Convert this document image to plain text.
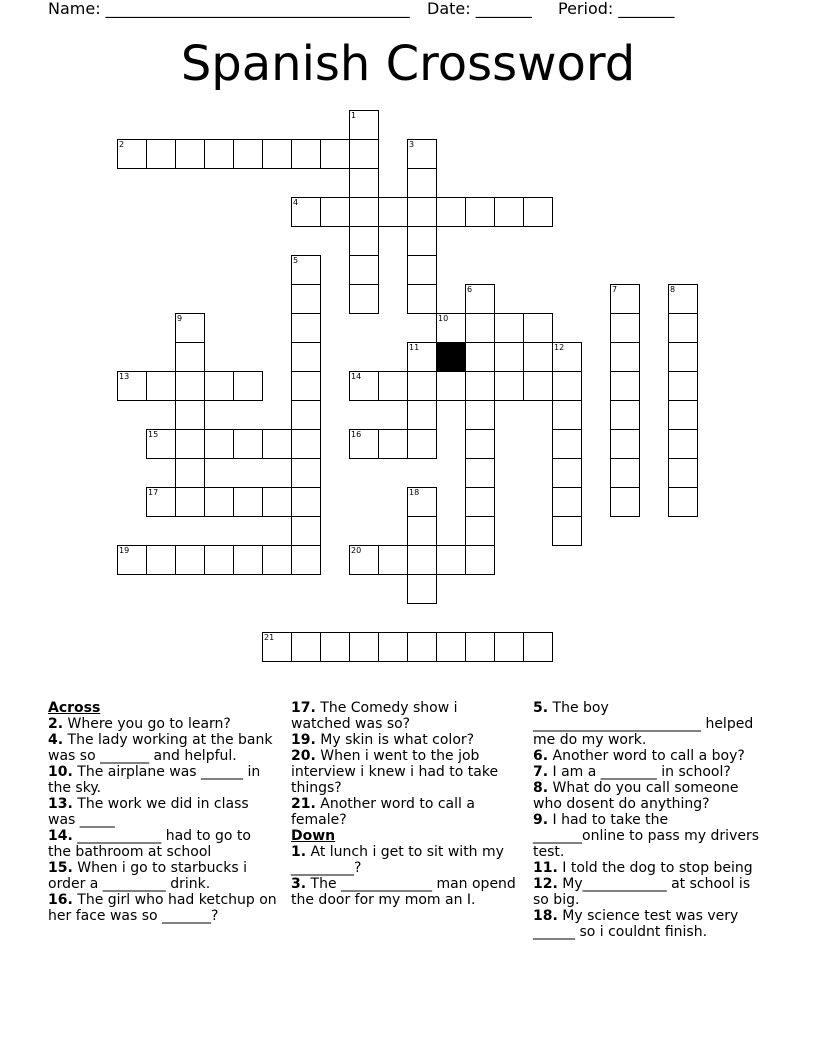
Name: ______________________________________ Date: _______ Period: _______
Spanish Crossword
1
2	3
4
5
6	7	8
9	10
11	12
13	14
15	16
17	18
19	20
21
Across
2. Where you go to learn?
4. The lady working at the bank was so _______ and helpful.
10. The airplane was ______ in the sky.
13. The work we did in class was _____
14. ____________ had to go to the bathroom at school
15. When i go to starbucks i order a _________ drink.
16. The girl who had ketchup on her face was so _______?
17. The Comedy show i watched was so?
19. My skin is what color?
20. When i went to the job interview i knew i had to take things?
21. Another word to call a female?
Down
1. At lunch i get to sit with my _________?
3. The _____________ man opend the door for my mom an I.
5. The boy ________________________ helped me do my work.
6. Another word to call a boy?
7. I am a ________ in school?
8. What do you call someone who dosent do anything?
9. I had to take the _______online to pass my drivers test.
11. I told the dog to stop being
12. My____________ at school is so big.
18. My science test was very ______ so i couldnt finish.
